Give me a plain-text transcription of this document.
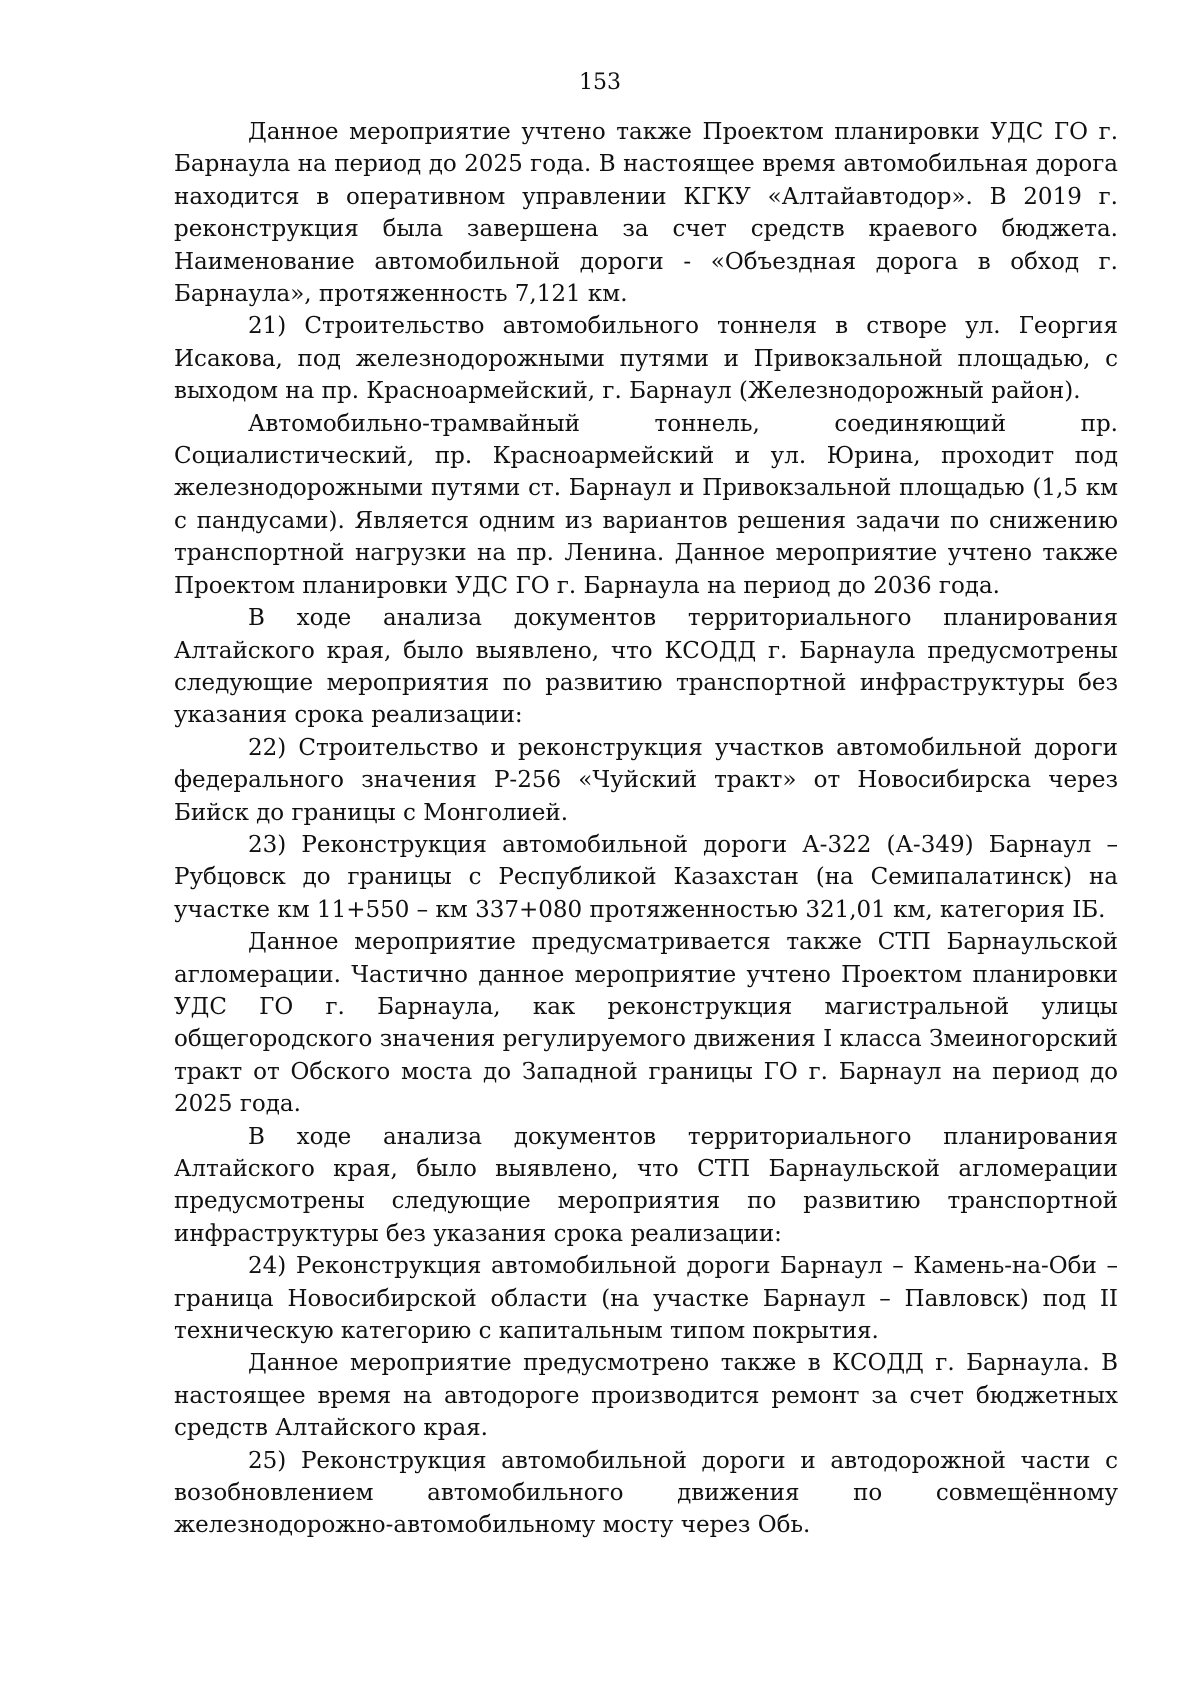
153

Данное мероприятие учтено также Проектом планировки УДС ГО г. Барнаула на период до 2025 года. В настоящее время автомобильная дорога находится в оперативном управлении КГКУ «Алтайавтодор». В 2019 г. реконструкция была завершена за счет средств краевого бюджета. Наименование автомобильной дороги - «Объездная дорога в обход г. Барнаула», протяженность 7,121 км.

21) Строительство автомобильного тоннеля в створе ул. Георгия Исакова, под железнодорожными путями и Привокзальной площадью, с выходом на пр. Красноармейский, г. Барнаул (Железнодорожный район).

Автомобильно-трамвайный тоннель, соединяющий пр. Социалистический, пр. Красноармейский и ул. Юрина, проходит под железнодорожными путями ст. Барнаул и Привокзальной площадью (1,5 км с пандусами). Является одним из вариантов решения задачи по снижению транспортной нагрузки на пр. Ленина. Данное мероприятие учтено также Проектом планировки УДС ГО г. Барнаула на период до 2036 года.

В ходе анализа документов территориального планирования Алтайского края, было выявлено, что КСОДД г. Барнаула предусмотрены следующие мероприятия по развитию транспортной инфраструктуры без указания срока реализации:

22) Строительство и реконструкция участков автомобильной дороги федерального значения Р-256 «Чуйский тракт» от Новосибирска через Бийск до границы с Монголией.

23) Реконструкция автомобильной дороги А-322 (А-349) Барнаул – Рубцовск до границы с Республикой Казахстан (на Семипалатинск) на участке км 11+550 – км 337+080 протяженностью 321,01 км, категория IБ.

Данное мероприятие предусматривается также СТП Барнаульской агломерации. Частично данное мероприятие учтено Проектом планировки УДС ГО г. Барнаула, как реконструкция магистральной улицы общегородского значения регулируемого движения I класса Змеиногорский тракт от Обского моста до Западной границы ГО г. Барнаул на период до 2025 года.

В ходе анализа документов территориального планирования Алтайского края, было выявлено, что СТП Барнаульской агломерации предусмотрены следующие мероприятия по развитию транспортной инфраструктуры без указания срока реализации:

24) Реконструкция автомобильной дороги Барнаул – Камень-на-Оби – граница Новосибирской области (на участке Барнаул – Павловск) под II техническую категорию с капитальным типом покрытия.

Данное мероприятие предусмотрено также в КСОДД г. Барнаула. В настоящее время на автодороге производится ремонт за счет бюджетных средств Алтайского края.

25) Реконструкция автомобильной дороги и автодорожной части с возобновлением автомобильного движения по совмещённому железнодорожно-автомобильному мосту через Обь.
